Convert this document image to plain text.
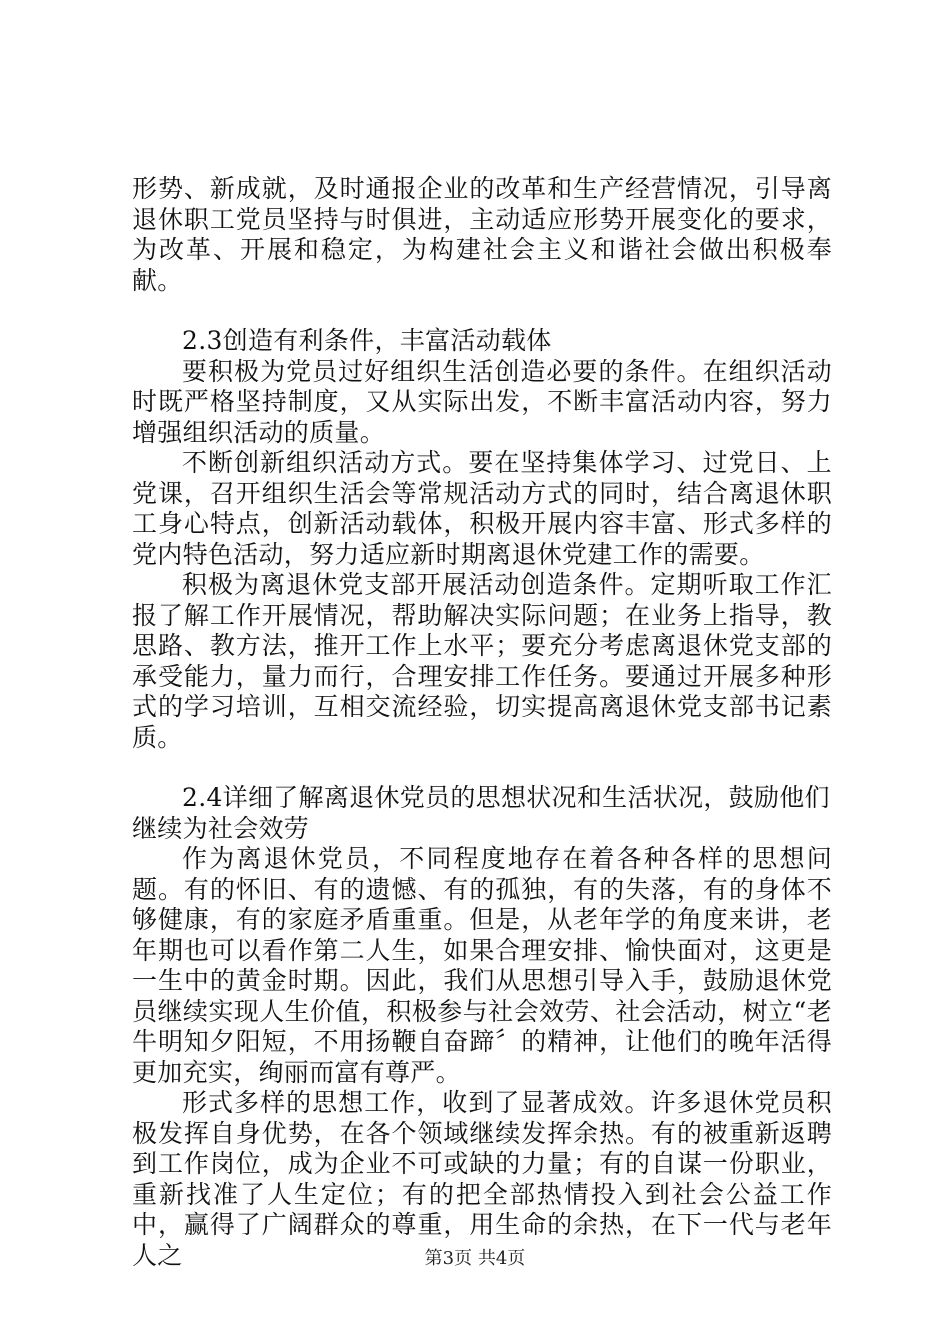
形势、新成就，及时通报企业的改革和生产经营情况，引导离退休职工党员坚持与时俱进，主动适应形势开展变化的要求，为改革、开展和稳定，为构建社会主义和谐社会做出积极奉献。

2.3创造有利条件，丰富活动载体

要积极为党员过好组织生活创造必要的条件。在组织活动时既严格坚持制度，又从实际出发，不断丰富活动内容，努力增强组织活动的质量。

不断创新组织活动方式。要在坚持集体学习、过党日、上党课，召开组织生活会等常规活动方式的同时，结合离退休职工身心特点，创新活动载体，积极开展内容丰富、形式多样的党内特色活动，努力适应新时期离退休党建工作的需要。

积极为离退休党支部开展活动创造条件。定期听取工作汇报了解工作开展情况，帮助解决实际问题；在业务上指导，教思路、教方法，推开工作上水平；要充分考虑离退休党支部的承受能力，量力而行，合理安排工作任务。要通过开展多种形式的学习培训，互相交流经验，切实提高离退休党支部书记素质。

2.4详细了解离退休党员的思想状况和生活状况，鼓励他们继续为社会效劳

作为离退休党员，不同程度地存在着各种各样的思想问题。有的怀旧、有的遗憾、有的孤独，有的失落，有的身体不够健康，有的家庭矛盾重重。但是，从老年学的角度来讲，老年期也可以看作第二人生，如果合理安排、愉快面对，这更是一生中的黄金时期。因此，我们从思想引导入手，鼓励退休党员继续实现人生价值，积极参与社会效劳、社会活动，树立“老牛明知夕阳短，不用扬鞭自奋蹄〞的精神，让他们的晚年活得更加充实，绚丽而富有尊严。

形式多样的思想工作，收到了显著成效。许多退休党员积极发挥自身优势，在各个领域继续发挥余热。有的被重新返聘到工作岗位，成为企业不可或缺的力量；有的自谋一份职业，重新找准了人生定位；有的把全部热情投入到社会公益工作中，赢得了广阔群众的尊重，用生命的余热，在下一代与老年人之	第3页 共4页
